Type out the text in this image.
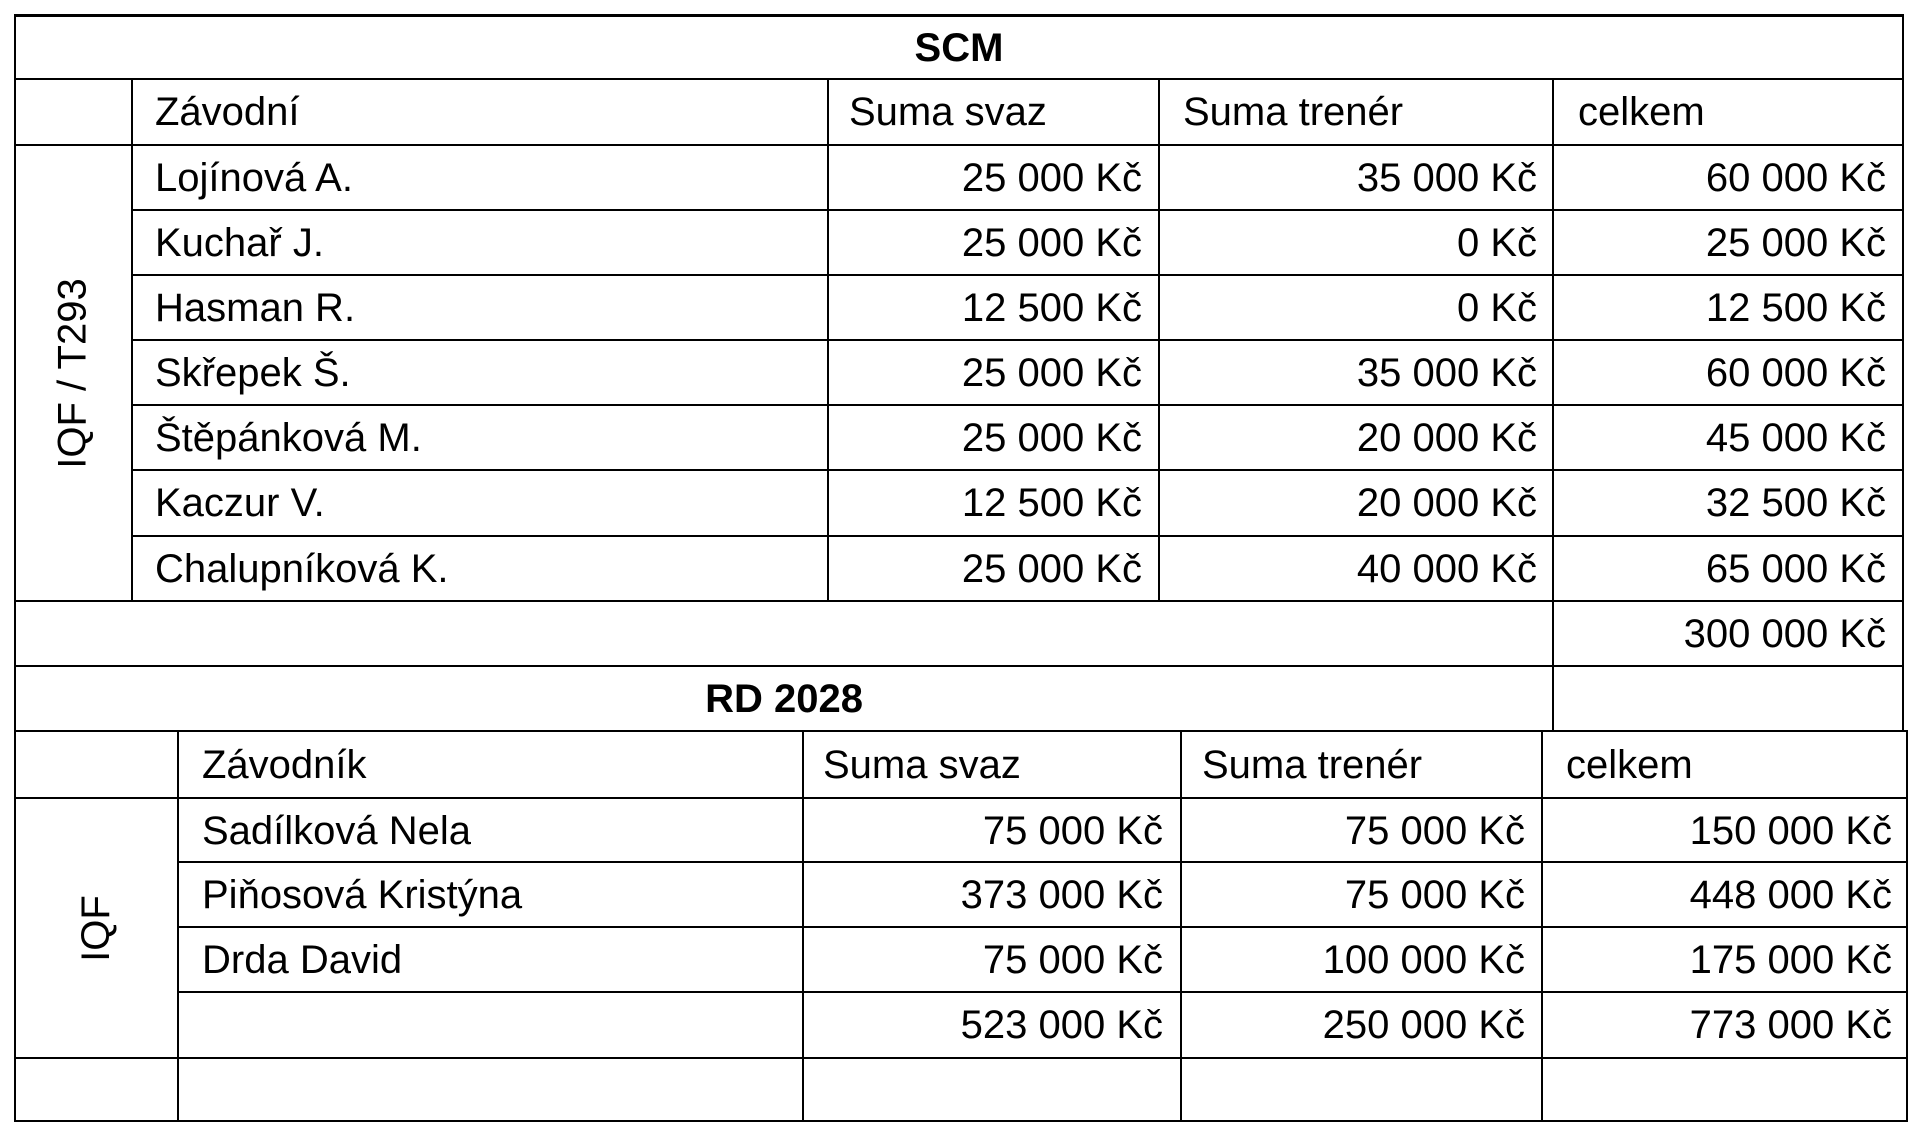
SCM
IQF / T293
Závodní	Suma svaz	Suma trenér	celkem
Lojínová A.	25 000 Kč	35 000 Kč	60 000 Kč
Kuchař J.	25 000 Kč	0 Kč	25 000 Kč
Hasman R.	12 500 Kč	0 Kč	12 500 Kč
Skřepek Š.	25 000 Kč	35 000 Kč	60 000 Kč
Štěpánková M.	25 000 Kč	20 000 Kč	45 000 Kč
Kaczur V.	12 500 Kč	20 000 Kč	32 500 Kč
Chalupníková K.	25 000 Kč	40 000 Kč	65 000 Kč
300 000 Kč
RD 2028
IQF
Závodník	Suma svaz	Suma trenér	celkem
Sadílková Nela	75 000 Kč	75 000 Kč	150 000 Kč
Piňosová Kristýna	373 000 Kč	75 000 Kč	448 000 Kč
Drda David	75 000 Kč	100 000 Kč	175 000 Kč
523 000 Kč	250 000 Kč	773 000 Kč
